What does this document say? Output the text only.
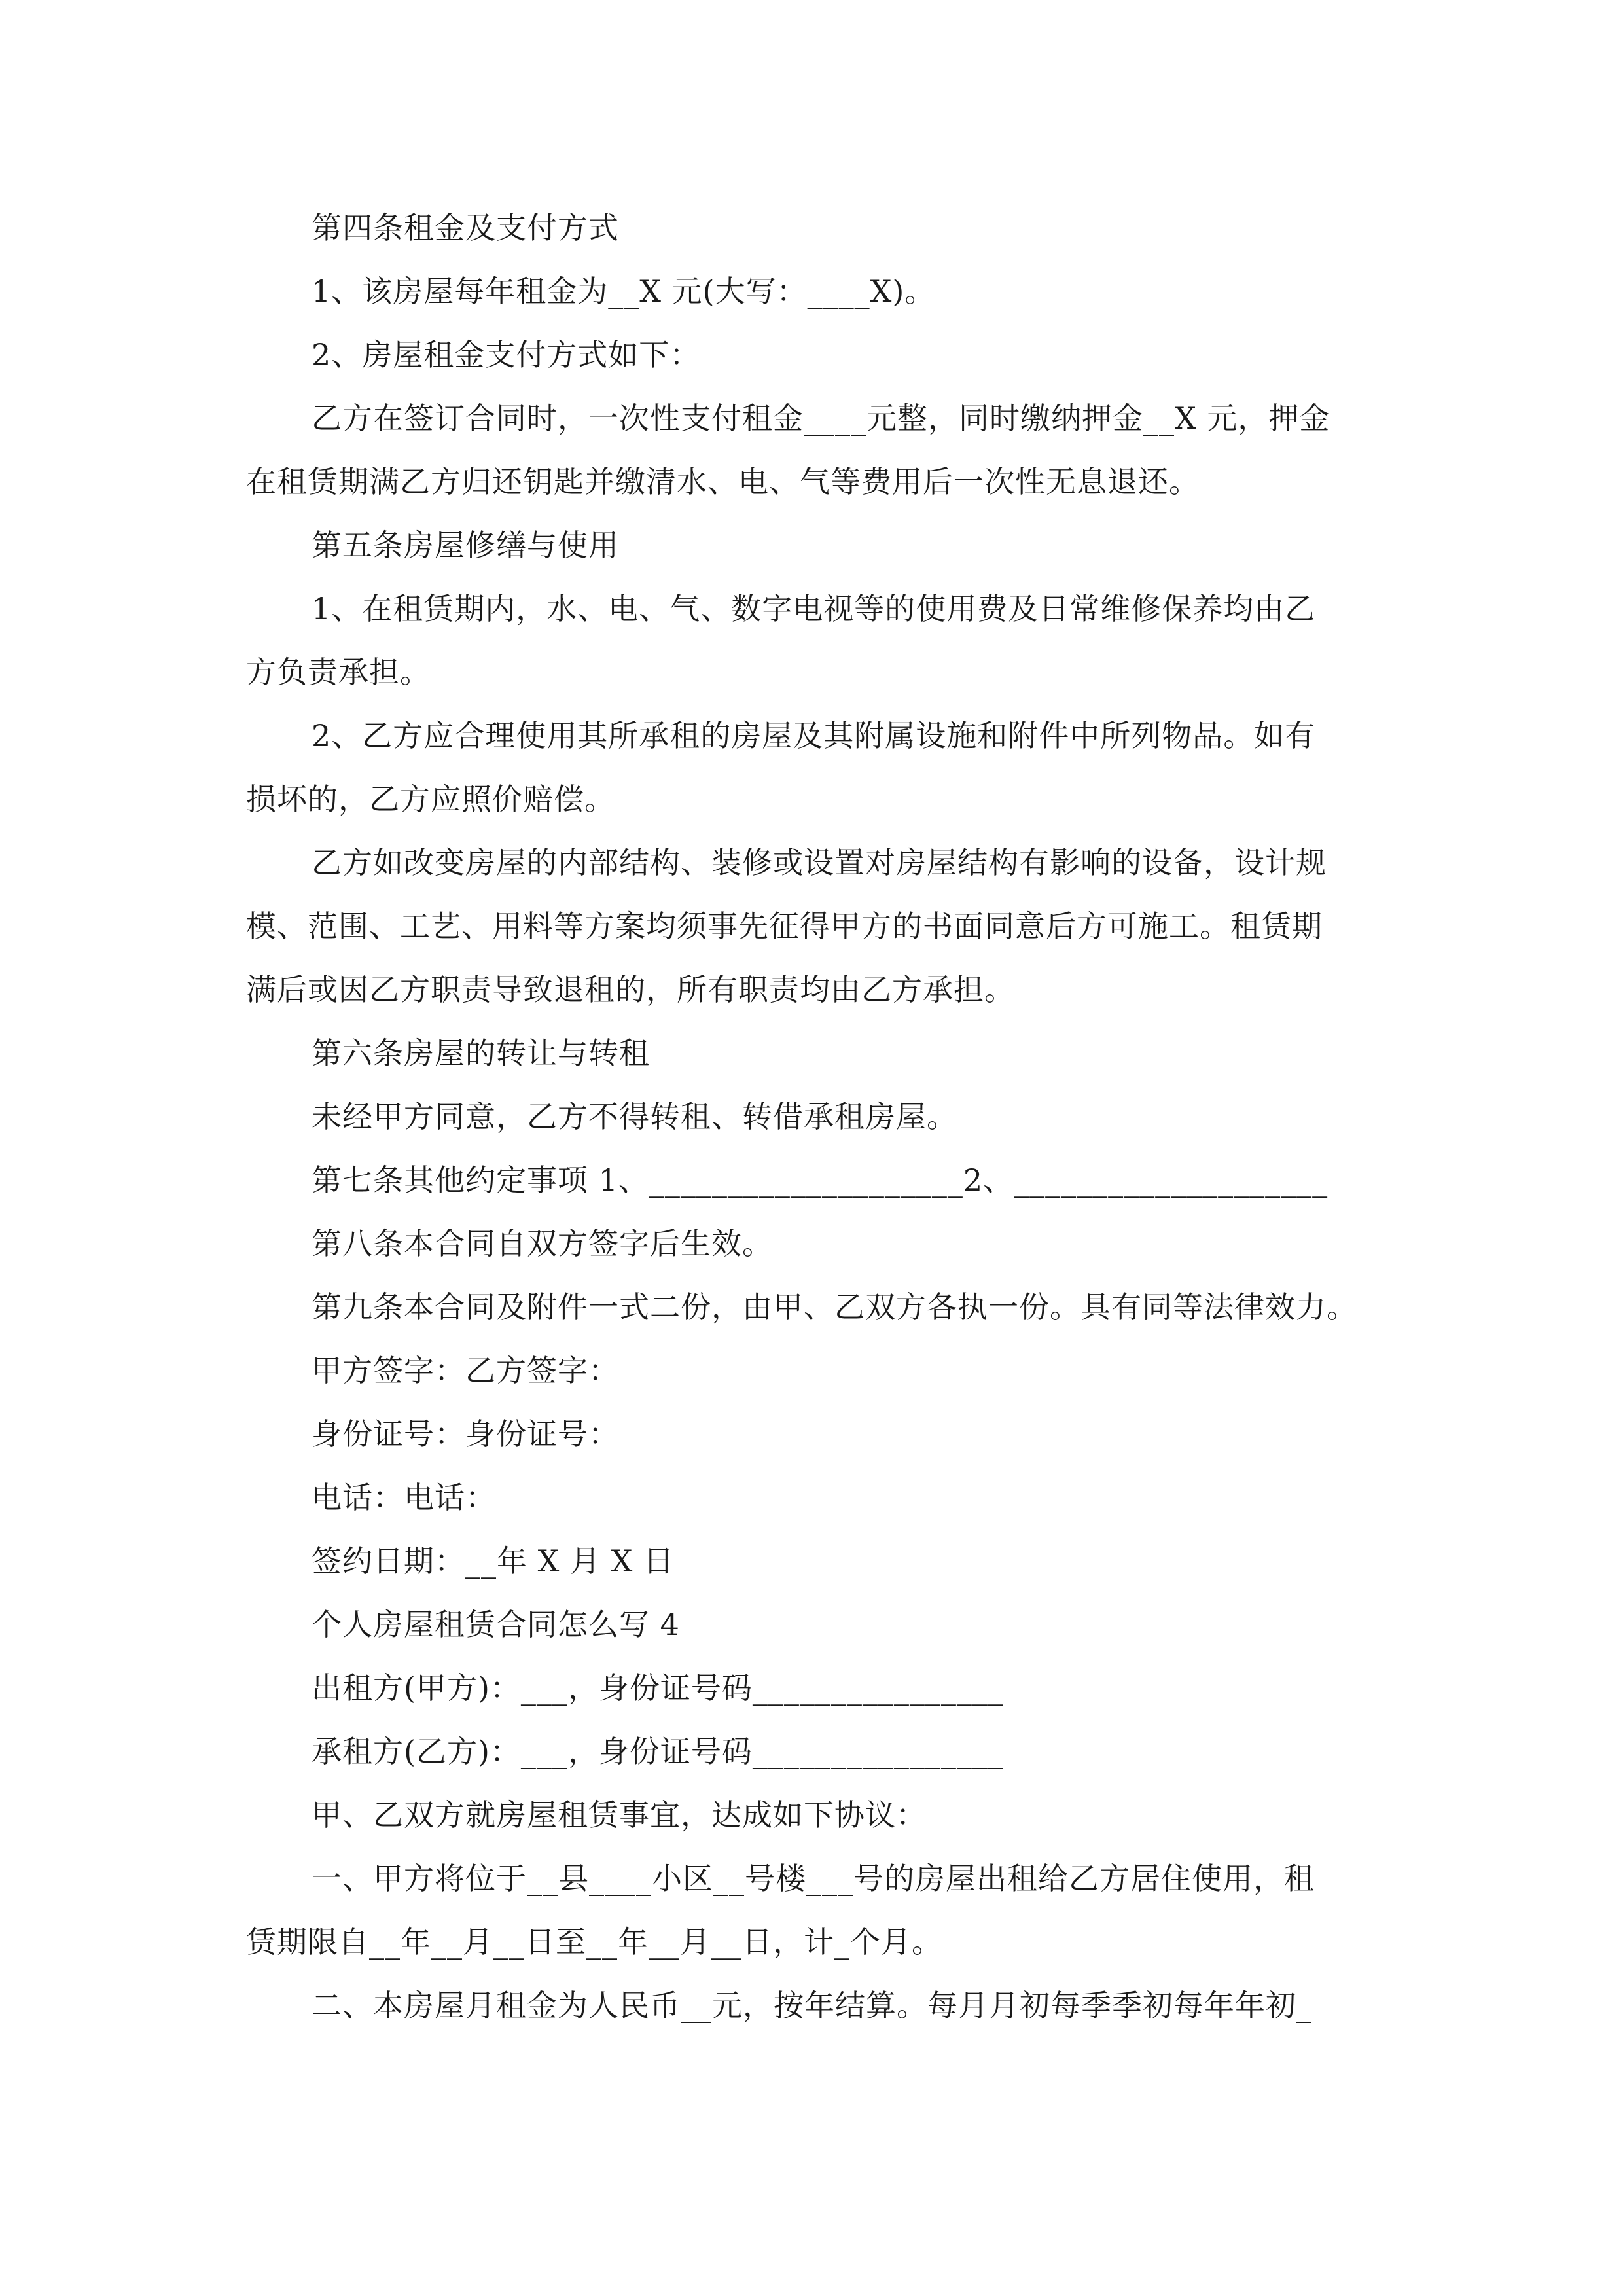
第四条租金及支付方式
1、该房屋每年租金为__X 元(大写：____X)。
2、房屋租金支付方式如下：
乙方在签订合同时，一次性支付租金____元整，同时缴纳押金__X 元，押金
在租赁期满乙方归还钥匙并缴清水、电、气等费用后一次性无息退还。
第五条房屋修缮与使用
1、在租赁期内，水、电、气、数字电视等的使用费及日常维修保养均由乙
方负责承担。
2、乙方应合理使用其所承租的房屋及其附属设施和附件中所列物品。如有
损坏的，乙方应照价赔偿。
乙方如改变房屋的内部结构、装修或设置对房屋结构有影响的设备，设计规
模、范围、工艺、用料等方案均须事先征得甲方的书面同意后方可施工。租赁期
满后或因乙方职责导致退租的，所有职责均由乙方承担。
第六条房屋的转让与转租
未经甲方同意，乙方不得转租、转借承租房屋。
第七条其他约定事项 1、____________________2、____________________
第八条本合同自双方签字后生效。
第九条本合同及附件一式二份，由甲、乙双方各执一份。具有同等法律效力。
甲方签字：乙方签字：
身份证号：身份证号：
电话：电话：
签约日期：__年 X 月 X 日
个人房屋租赁合同怎么写 4
出租方(甲方)：___，身份证号码________________
承租方(乙方)：___，身份证号码________________
甲、乙双方就房屋租赁事宜，达成如下协议：
一、甲方将位于__县____小区__号楼___号的房屋出租给乙方居住使用，租
赁期限自__年__月__日至__年__月__日，计_个月。
二、本房屋月租金为人民币__元，按年结算。每月月初每季季初每年年初_
